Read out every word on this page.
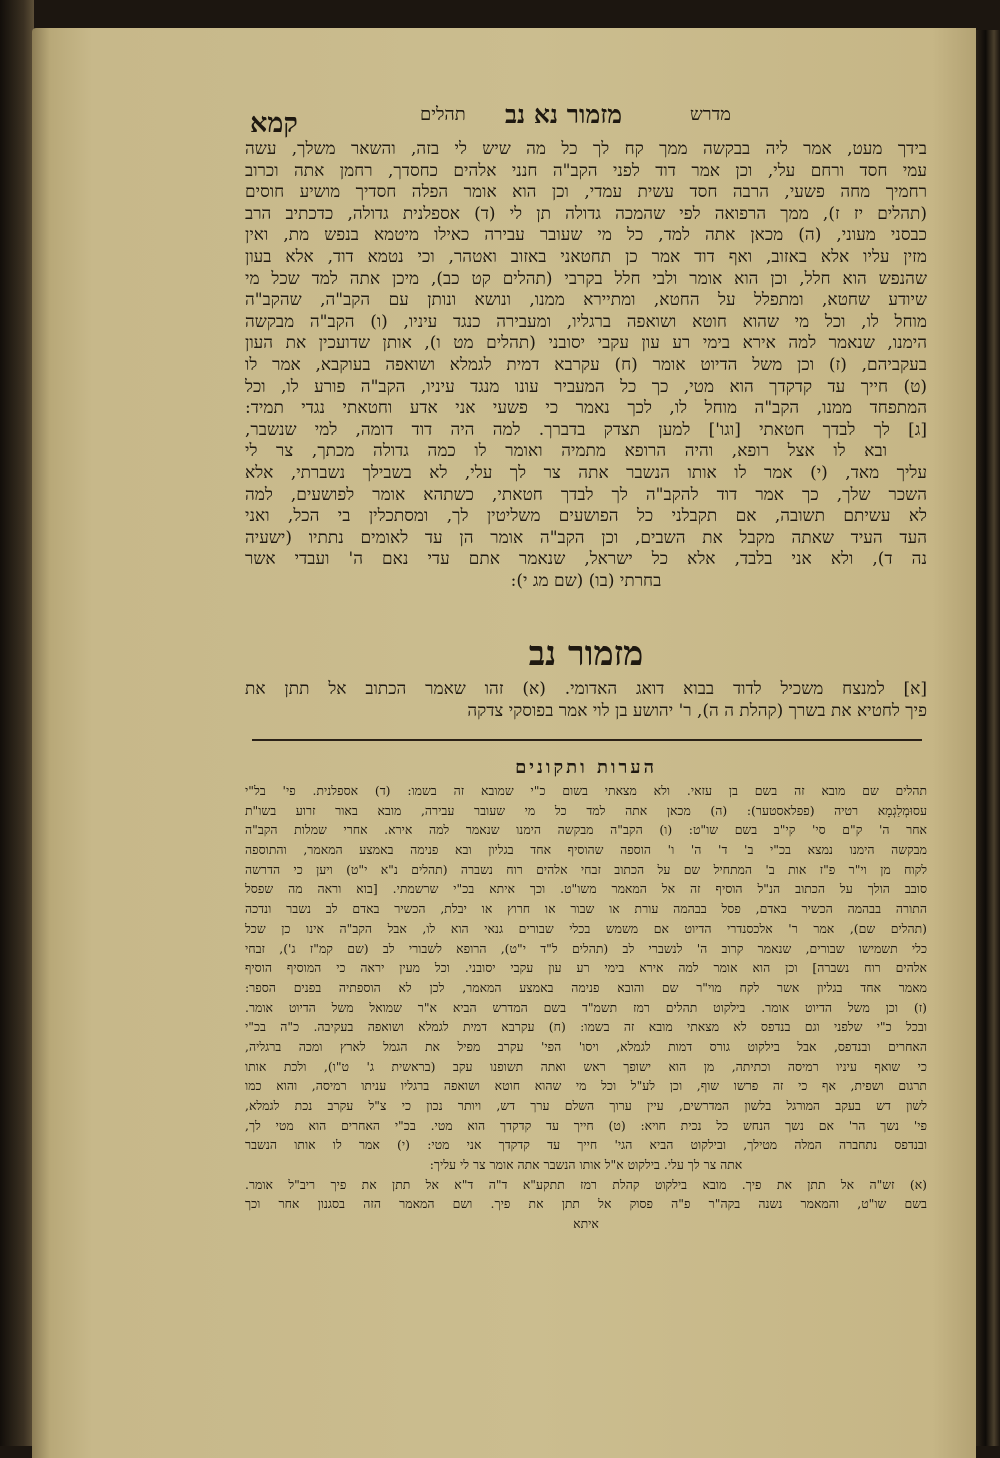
מדרש
מזמור נא נב
תהלים
קמא
בידך מעט, אמר ליה בבקשה ממך קח לך כל מה שיש לי בזה, והשאר משלך, עשה
עמי חסד ורחם עלי, וכן אמר דוד לפני הקב"ה חנני אלהים כחסדך, רחמן אתה וכרוב
רחמיך מחה פשעי, הרבה חסד עשית עמדי, וכן הוא אומר הפלה חסדיך מושיע חוסים
(תהלים יז ז), ממך הרפואה לפי שהמכה גדולה תן לי (ד) אספלנית גדולה, כדכתיב הרב
כבסני מעוני, (ה) מכאן אתה למד, כל מי שעובר עבירה כאילו מיטמא בנפש מת, ואין
מזין עליו אלא באזוב, ואף דוד אמר כן תחטאני באזוב ואטהר, וכי נטמא דוד, אלא בעון
שהנפש הוא חלל, וכן הוא אומר ולבי חלל בקרבי (תהלים קט כב), מיכן אתה למד שכל מי
שיודע שחטא, ומתפלל על החטא, ומתיירא ממנו, ונושא ונותן עם הקב"ה, שהקב"ה
מוחל לו, וכל מי שהוא חוטא ושואפה ברגליו, ומעבירה כנגד עיניו, (ו) הקב"ה מבקשה
הימנו, שנאמר למה אירא בימי רע עון עקבי יסובני (תהלים מט ו), אותן שדועכין את העון
בעקביהם, (ז) וכן משל הדיוט אומר (ח) עקרבא דמית לגמלא ושואפה בעוקבא, אמר לו
(ט) חייך עד קדקדך הוא מטי, כך כל המעביר עונו מנגד עיניו, הקב"ה פורע לו, וכל
המתפחד ממנו, הקב"ה מוחל לו, לכך נאמר כי פשעי אני אדע וחטאתי נגדי תמיד:
[ג] לך לבדך חטאתי [וגו'] למען תצדק בדברך. למה היה דוד דומה, למי שנשבר,
ובא לו אצל רופא, והיה הרופא מתמיה ואומר לו כמה גדולה מכתך, צר לי
עליך מאד, (י) אמר לו אותו הנשבר אתה צר לך עלי, לא בשבילך נשברתי, אלא
השכר שלך, כך אמר דוד להקב"ה לך לבדך חטאתי, כשתהא אומר לפושעים, למה
לא עשיתם תשובה, אם תקבלני כל הפושעים משליטין לך, ומסתכלין בי הכל, ואני
העד העיד שאתה מקבל את השבים, וכן הקב"ה אומר הן עד לאומים נתתיו (ישעיה
נה ד), ולא אני בלבד, אלא כל ישראל, שנאמר אתם עדי נאם ה' ועבדי אשר
בחרתי (בו) (שם מג י):
מזמור נב
[א] למנצח משכיל לדוד בבוא דואג האדומי. (א) זהו שאמר הכתוב אל תתן את
פיך לחטיא את בשרך (קהלת ה ה), ר' יהושע בן לוי אמר בפוסקי צדקה
הערות ותקונים
תהלים שם מובא זה בשם בן עזאי. ולא מצאתי בשום כ"י שמובא זה בשמו: (ד) אספלנית. פי' בל"י
עסוּמְלַגְמָא רטיה (פפלאסטער): (ה) מכאן אתה למד כל מי שעובר עבירה, מובא באור זרוע בשו"ת
אחר ה' ק"ם סי' קי"ב בשם שו"ט: (ו) הקב"ה מבקשה הימנו שנאמר למה אירא. אחרי שמלות הקב"ה
מבקשה הימנו נמצא בכ"י ב' ד' ה' ו' הוספה שהוסיף אחד בגליון ובא פנימה באמצע המאמר, והתוספה
לקוח מן וי"ר פ"ז אות ב' המתחיל שם על הכתוב זבחי אלהים רוח נשברה (תהלים נ"א י"ט) ויען כי הדרשה
סובב הולך על הכתוב הנ"ל הוסיף זה אל המאמר משו"ט. וכך איתא בכ"י שרשמתי. [בוא וראה מה שפסל
התורה בבהמה הכשיר באדם, פסל בבהמה עורת או שבור או חרוץ או יבלת, הכשיר באדם לב נשבר ונדכה
(תהלים שם), אמר ר' אלכסנדרי הדיוט אם משמש בכלי שבורים גנאי הוא לו, אבל הקב"ה אינו כן שכל
כלי תשמישו שבורים, שנאמר קרוב ה' לנשברי לב (תהלים ל"ד י"ט), הרופא לשבורי לב (שם קמ"ז ג'), זבחי
אלהים רוח נשברה] וכן הוא אומר למה אירא בימי רע עון עקבי יסובני. וכל מעין יראה כי המוסיף הוסיף
מאמר אחד בגליון אשר לקח מוי"ר שם והובא פנימה באמצע המאמר, לכן לא הוספתיה בפנים הספר:
(ז) וכן משל הדיוט אומר. בילקוט תהלים רמז תשמ"ד בשם המדרש הביא א"ר שמואל משל הדיוט אומר.
ובכל כ"י שלפני וגם בנדפס לא מצאתי מובא זה בשמו: (ח) עקרבא דמית לגמלא ושואפה בעקיבה. כ"ה בכ"י
האחרים ובנדפס, אבל בילקוט גורס דמות לגמלא, ויסו' הפי' עקרב מפיל את הגמל לארץ ומכה ברגליה,
כי שואף עיניו רמיסה וכתיתה, מן הוא ישופך ראש ואתה תשופנו עקב (בראשית ג' ט"ו), ולכת אותו
תרגום ושפית, אף כי זה פרשו שוף, וכן לע"ל וכל מי שהוא חוטא ושואפה ברגליו עניתו רמיסה, והוא כמו
לשון דש בעקב המורגל בלשון המדרשים, עיין ערוך השלם ערך דש, ויותר נכון כי צ"ל עקרב נכת לגמלא,
פי' נשך הר' אם נשך הנחש כל נכית חויא: (ט) חייך עד קדקדך הוא מטי. בכ"י האחרים הוא מטי לך,
ובנדפס נתחברה המלה מטילך, ובילקוט הביא הגי' חייך עד קדקדך אני מטי: (י) אמר לו אותו הנשבר
אתה צר לך עלי. בילקוט א"ל אותו הנשבר אתה אומר צר לי עליך:
(א) זש"ה אל תתן את פיך. מובא בילקוט קהלת רמז תתקע"א ד"ה ד"א אל תתן את פיך ריב"ל אומר.
בשם שו"ט, והמאמר נשנה בקה"ר פ"ה פסוק אל תתן את פיך. ושם המאמר הזה בסגנון אחר וכך
איתא
